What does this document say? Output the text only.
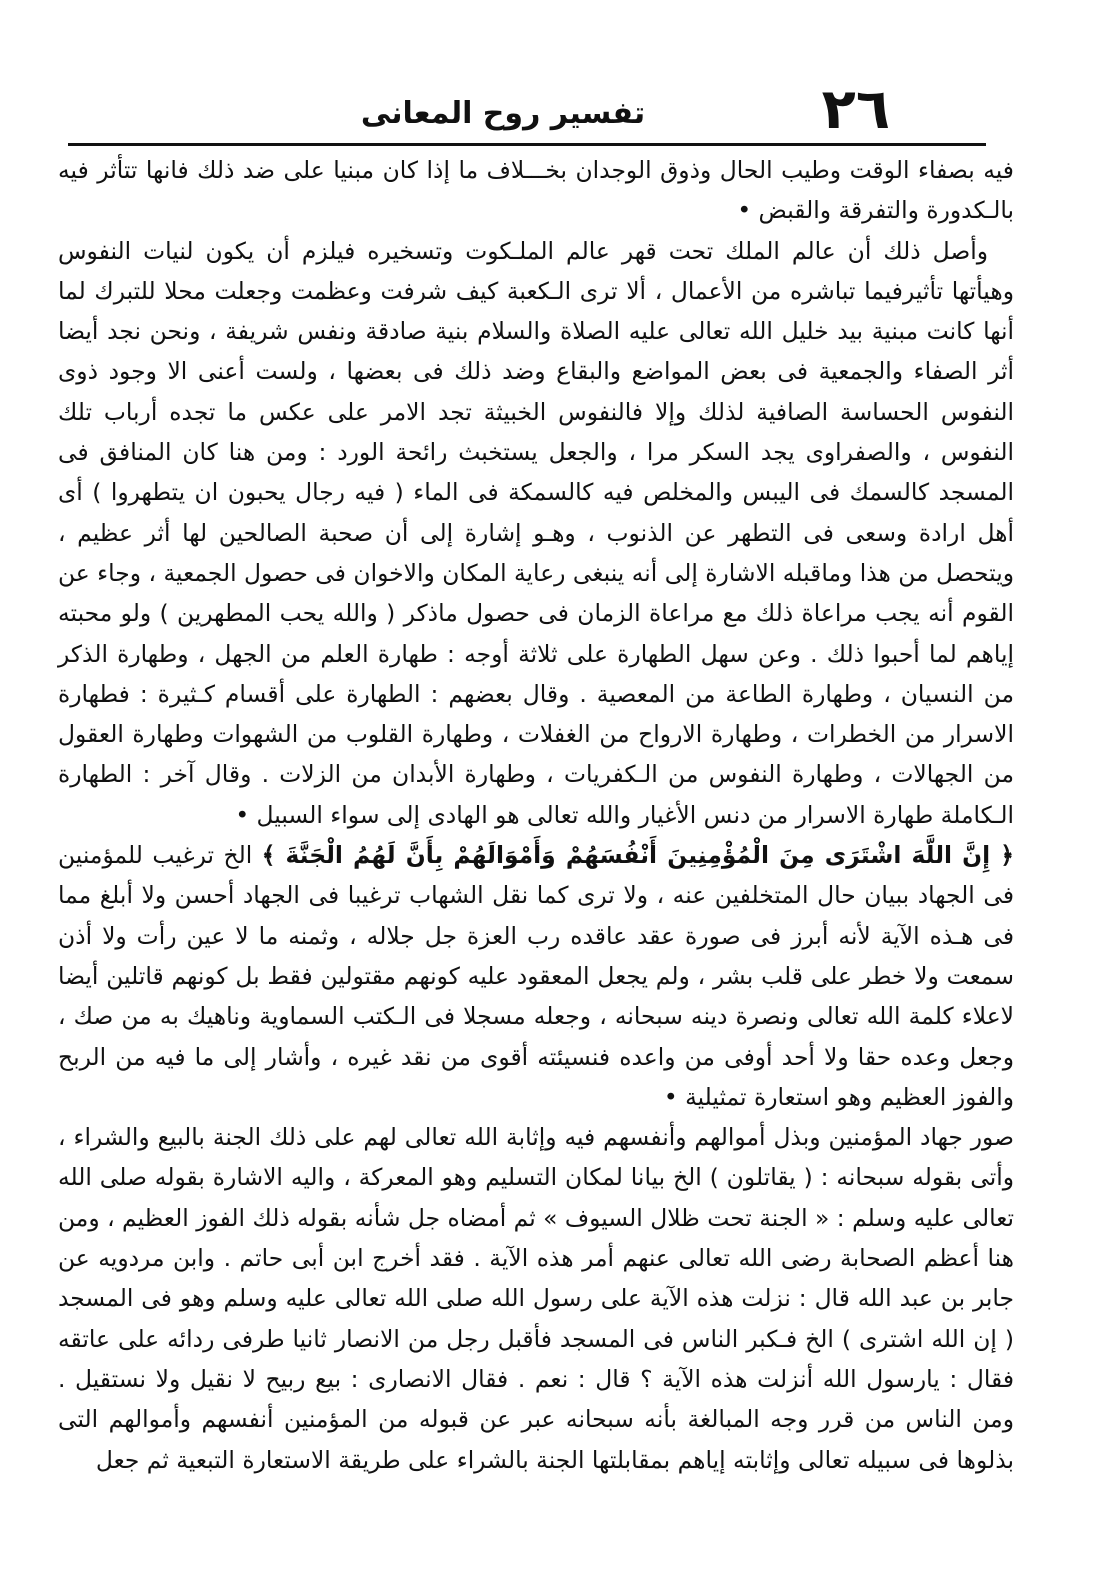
٢٦
تفسير روح المعانى

فيه بصفاء الوقت وطيب الحال وذوق الوجدان بخـــلاف ما إذا كان مبنيا على ضد ذلك فانها تتأثر فيه بالـكدورة والتفرقة والقبض •

وأصل ذلك أن عالم الملك تحت قهر عالم الملـكوت وتسخيره فيلزم أن يكون لنيات النفوس وهيأتها تأثيرفيما تباشره من الأعمال ، ألا ترى الـكعبة كيف شرفت وعظمت وجعلت محلا للتبرك لما أنها كانت مبنية بيد خليل الله تعالى عليه الصلاة والسلام بنية صادقة ونفس شريفة ، ونحن نجد أيضا أثر الصفاء والجمعية فى بعض المواضع والبقاع وضد ذلك فى بعضها ، ولست أعنى الا وجود ذوى النفوس الحساسة الصافية لذلك وإلا فالنفوس الخبيثة تجد الامر على عكس ما تجده أرباب تلك النفوس ، والصفراوى يجد السكر مرا ، والجعل يستخبث رائحة الورد : ومن هنا كان المنافق فى المسجد كالسمك فى اليبس والمخلص فيه كالسمكة فى الماء ( فيه رجال يحبون ان يتطهروا ) أى أهل ارادة وسعى فى التطهر عن الذنوب ، وهـو إشارة إلى أن صحبة الصالحين لها أثر عظيم ، ويتحصل من هذا وماقبله الاشارة إلى أنه ينبغى رعاية المكان والاخوان فى حصول الجمعية ، وجاء عن القوم أنه يجب مراعاة ذلك مع مراعاة الزمان فى حصول ماذكر ( والله يحب المطهرين ) ولو محبته إياهم لما أحبوا ذلك . وعن سهل الطهارة على ثلاثة أوجه : طهارة العلم من الجهل ، وطهارة الذكر من النسيان ، وطهارة الطاعة من المعصية . وقال بعضهم : الطهارة على أقسام كـثيرة : فطهارة الاسرار من الخطرات ، وطهارة الارواح من الغفلات ، وطهارة القلوب من الشهوات وطهارة العقول من الجهالات ، وطهارة النفوس من الـكفريات ، وطهارة الأبدان من الزلات . وقال آخر : الطهارة الـكاملة طهارة الاسرار من دنس الأغيار والله تعالى هو الهادى إلى سواء السبيل •

﴿ إِنَّ اللَّهَ اشْتَرَى مِنَ الْمُؤْمِنِينَ أَنْفُسَهُمْ وَأَمْوَالَهُمْ بِأَنَّ لَهُمُ الْجَنَّةَ ﴾ الخ ترغيب للمؤمنين فى الجهاد ببيان حال المتخلفين عنه ، ولا ترى كما نقل الشهاب ترغيبا فى الجهاد أحسن ولا أبلغ مما فى هـذه الآية لأنه أبرز فى صورة عقد عاقده رب العزة جل جلاله ، وثمنه ما لا عين رأت ولا أذن سمعت ولا خطر على قلب بشر ، ولم يجعل المعقود عليه كونهم مقتولين فقط بل كونهم قاتلين أيضا لاعلاء كلمة الله تعالى ونصرة دينه سبحانه ، وجعله مسجلا فى الـكتب السماوية وناهيك به من صك ، وجعل وعده حقا ولا أحد أوفى من واعده فنسيئته أقوى من نقد غيره ، وأشار إلى ما فيه من الربح والفوز العظيم وهو استعارة تمثيلية •

صور جهاد المؤمنين وبذل أموالهم وأنفسهم فيه وإثابة الله تعالى لهم على ذلك الجنة بالبيع والشراء ، وأتى بقوله سبحانه : ( يقاتلون ) الخ بيانا لمكان التسليم وهو المعركة ، واليه الاشارة بقوله صلى الله تعالى عليه وسلم : « الجنة تحت ظلال السيوف » ثم أمضاه جل شأنه بقوله ذلك الفوز العظيم ، ومن هنا أعظم الصحابة رضى الله تعالى عنهم أمر هذه الآية . فقد أخرج ابن أبى حاتم . وابن مردويه عن جابر بن عبد الله قال : نزلت هذه الآية على رسول الله صلى الله تعالى عليه وسلم وهو فى المسجد ( إن الله اشترى ) الخ فـكبر الناس فى المسجد فأقبل رجل من الانصار ثانيا طرفى ردائه على عاتقه فقال : يارسول الله أنزلت هذه الآية ؟ قال : نعم . فقال الانصارى : بيع ربيح لا نقيل ولا نستقيل . ومن الناس من قرر وجه المبالغة بأنه سبحانه عبر عن قبوله من المؤمنين أنفسهم وأموالهم التى بذلوها فى سبيله تعالى وإثابته إياهم بمقابلتها الجنة بالشراء على طريقة الاستعارة التبعية ثم جعل
